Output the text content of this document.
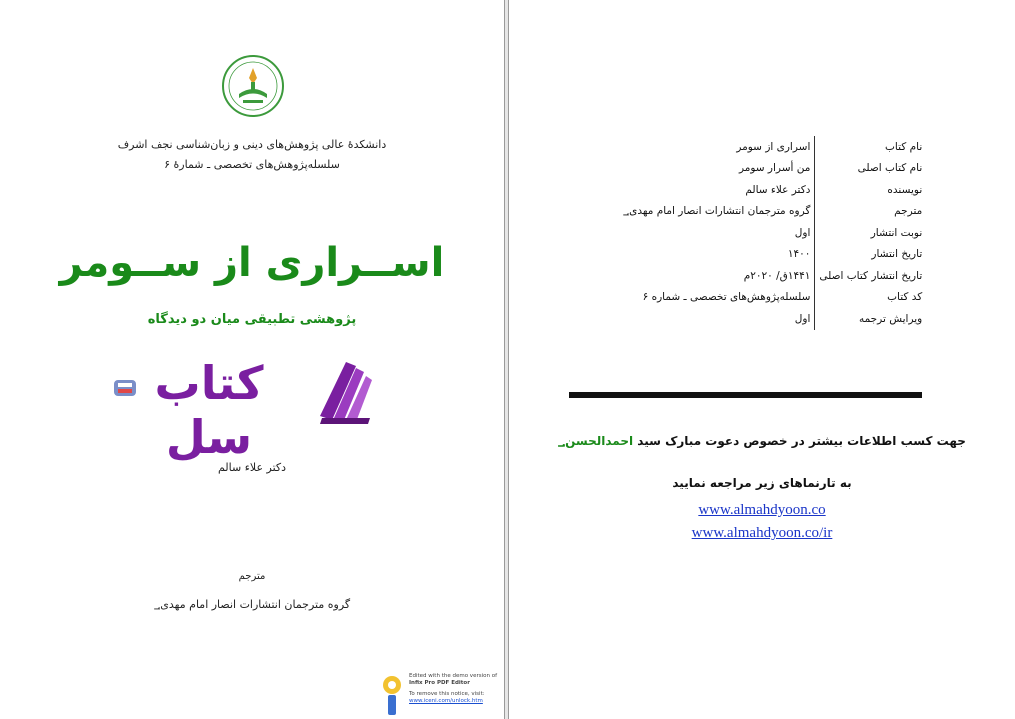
دانشکدهٔ عالی پژوهش‌های دینی و زبان‌شناسی نجف اشرف
سلسله‌پژوهش‌های تخصصی ـ شمارهٔ ۶
اســراری از ســومر
پژوهشی تطبیقی میان دو دیدگاه
کتاب سل
دکتر علاء سالم
مترجم
گروه مترجمان انتشارات انصار امام مهدی؀
Edited with the demo version of
Infix Pro PDF Editor
To remove this notice, visit:
www.iceni.com/unlock.htm
نام کتاب	اسراری از سومر
نام کتاب اصلی	من أسرار سومر
نویسنده	دکتر علاء سالم
مترجم	گروه مترجمان انتشارات انصار امام مهدی؀
نوبت انتشار	اول
تاریخ انتشار	۱۴۰۰
تاریخ انتشار کتاب اصلی	۱۴۴۱ق/ ۲۰۲۰م
کد کتاب	سلسله‌پژوهش‌های تخصصی ـ شماره ۶
ویرایش ترجمه	اول
جهت کسب اطلاعات بیشتر در خصوص دعوت مبارک سید احمدالحسن؀
به تارنماهای زیر مراجعه نمایید
www.almahdyoon.co
www.almahdyoon.co/ir
